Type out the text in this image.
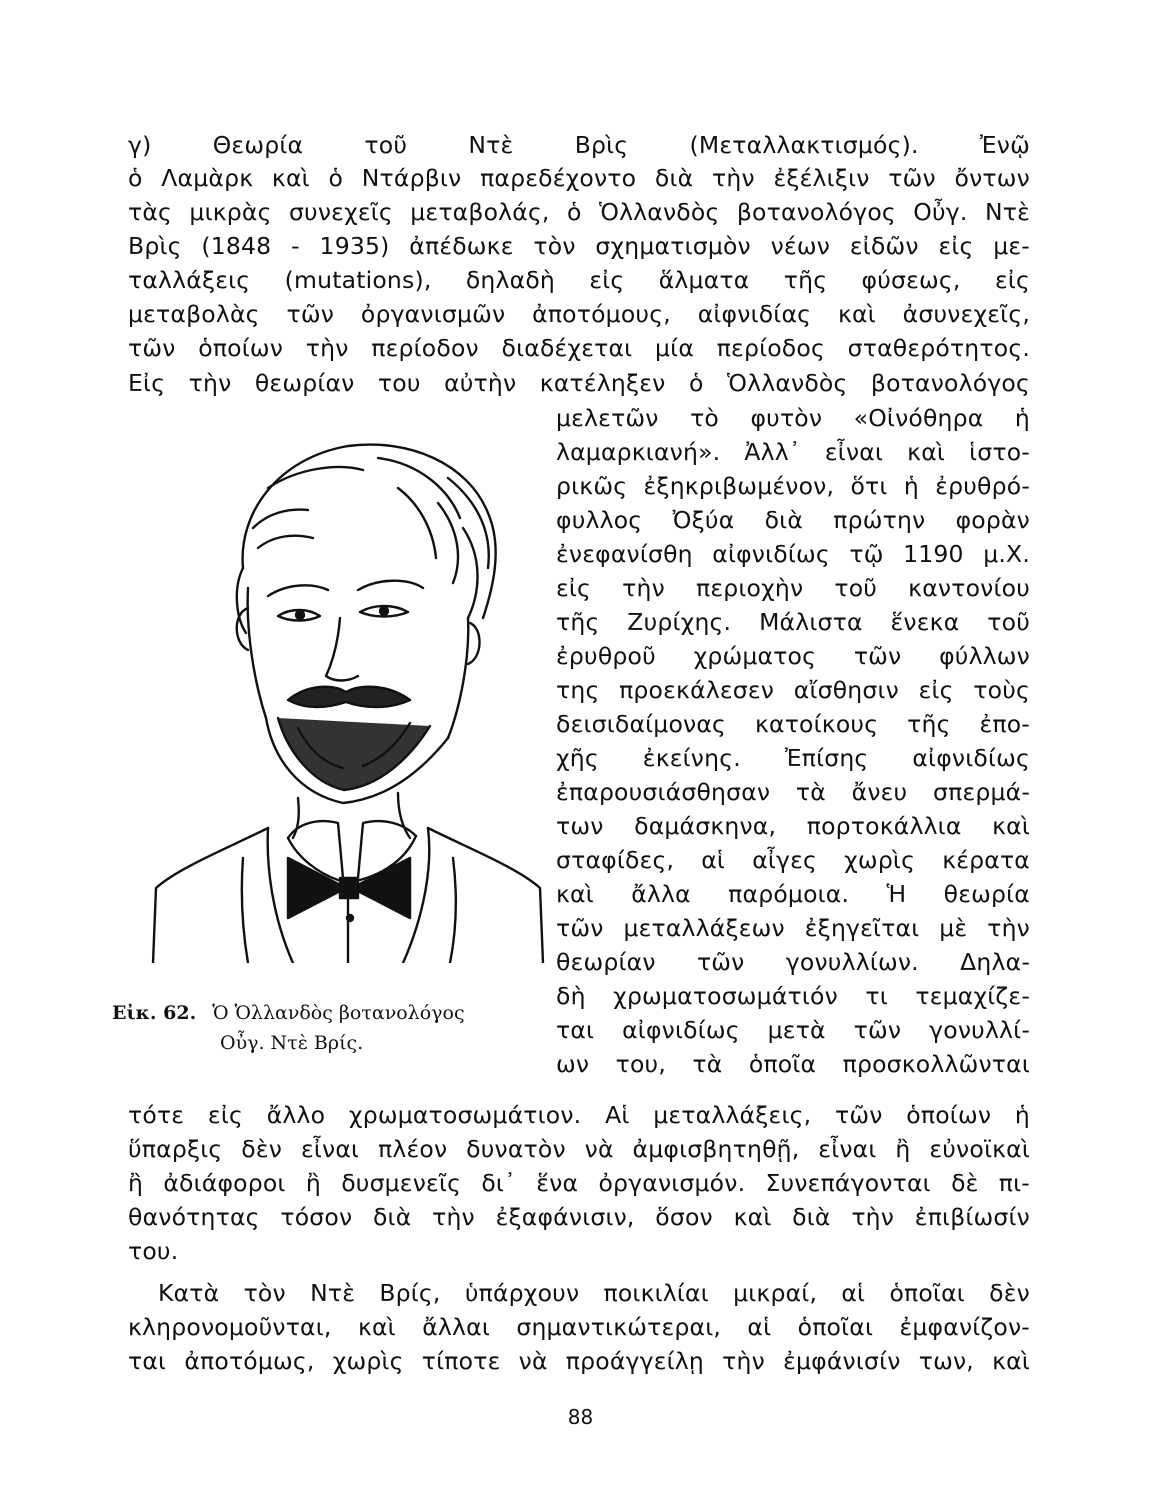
γ) Θεωρία τοῦ Ντὲ Βρὶς (Μεταλλακτισμός). Ἐνῷ
ὁ Λαμὰρκ καὶ ὁ Ντάρβιν παρεδέχοντο διὰ τὴν ἐξέλιξιν τῶν ὄντων
τὰς μικρὰς συνεχεῖς μεταβολάς, ὁ Ὁλλανδὸς βοτανολόγος Οὖγ. Ντὲ
Βρὶς (1848 - 1935) ἀπέδωκε τὸν σχηματισμὸν νέων εἰδῶν εἰς με-
ταλλάξεις (mutations), δηλαδὴ εἰς ἅλματα τῆς φύσεως, εἰς
μεταβολὰς τῶν ὀργανισμῶν ἀποτόμους, αἰφνιδίας καὶ ἀσυνεχεῖς,
τῶν ὁποίων τὴν περίοδον διαδέχεται μία περίοδος σταθερότητος.
Εἰς τὴν θεωρίαν του αὐτὴν κατέληξεν ὁ Ὁλλανδὸς βοτανολόγος
μελετῶν τὸ φυτὸν «Οἰνόθηρα ἡ
λαμαρκιανή». Ἀλλ᾽ εἶναι καὶ ἱστο-
ρικῶς ἐξηκριβωμένον, ὅτι ἡ ἐρυθρό-
φυλλος Ὀξύα διὰ πρώτην φορὰν
ἐνεφανίσθη αἰφνιδίως τῷ 1190 μ.Χ.
εἰς τὴν περιοχὴν τοῦ καντονίου
τῆς Ζυρίχης. Μάλιστα ἕνεκα τοῦ
ἐρυθροῦ χρώματος τῶν φύλλων
της προεκάλεσεν αἴσθησιν εἰς τοὺς
δεισιδαίμονας κατοίκους τῆς ἐπο-
χῆς ἐκείνης. Ἐπίσης αἰφνιδίως
ἐπαρουσιάσθησαν τὰ ἄνευ σπερμά-
των δαμάσκηνα, πορτοκάλλια καὶ
σταφίδες, αἱ αἶγες χωρὶς κέρατα
καὶ ἄλλα παρόμοια. Ἡ θεωρία
τῶν μεταλλάξεων ἐξηγεῖται μὲ τὴν
θεωρίαν τῶν γονυλλίων. Δηλα-
δὴ χρωματοσωμάτιόν τι τεμαχίζε-
ται αἰφνιδίως μετὰ τῶν γονυλλί-
ων του, τὰ ὁποῖα προσκολλῶνται
Εἰκ. 62. Ὁ Ὁλλανδὸς βοτανολόγος
Οὖγ. Ντὲ Βρίς.
τότε εἰς ἄλλο χρωματοσωμάτιον. Αἱ μεταλλάξεις, τῶν ὁποίων ἡ
ὕπαρξις δὲν εἶναι πλέον δυνατὸν νὰ ἀμφισβητηθῇ, εἶναι ἢ εὐνοϊκαὶ
ἢ ἀδιάφοροι ἢ δυσμενεῖς δι᾽ ἕνα ὀργανισμόν. Συνεπάγονται δὲ πι-
θανότητας τόσον διὰ τὴν ἐξαφάνισιν, ὅσον καὶ διὰ τὴν ἐπιβίωσίν
του.
Κατὰ τὸν Ντὲ Βρίς, ὑπάρχουν ποικιλίαι μικραί, αἱ ὁποῖαι δὲν
κληρονομοῦνται, καὶ ἄλλαι σημαντικώτεραι, αἱ ὁποῖαι ἐμφανίζον-
ται ἀποτόμως, χωρὶς τίποτε νὰ προάγγείλῃ τὴν ἐμφάνισίν των, καὶ
88
